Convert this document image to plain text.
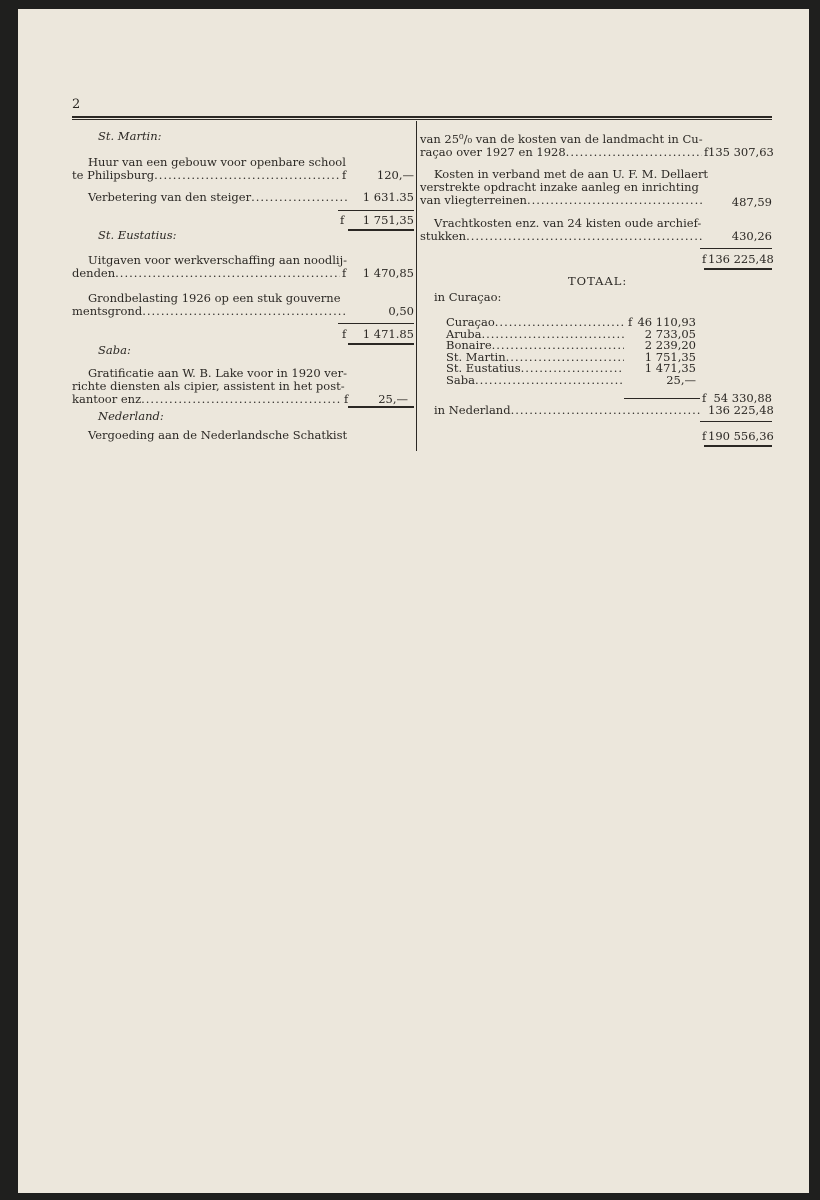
2
St. Martin:
Huur van een gebouw voor openbare school
te Philipsburg .....	f	120,—
Verbetering van den steiger .....	1 631.35
f	1 751,35
St. Eustatius:
Uitgaven voor werkverschaffing aan noodlij-
denden .....	f	1 470,85
Grondbelasting 1926 op een stuk gouverne
mentsgrond .....	0,50
f	1 471.85
Saba:
Gratificatie aan W. B. Lake voor in 1920 ver-
richte diensten als cipier, assistent in het post-
kantoor enz .....	f	25,—
Nederland:
Vergoeding aan de Nederlandsche Schatkist
van 25⁰/₀ van de kosten van de landmacht in Cu-
raçao over 1927 en 1928 .....	f 135 307,63
Kosten in verband met de aan U. F. M. Dellaert
verstrekte opdracht inzake aanleg en inrichting
van vliegterreinen .....	487,59
Vrachtkosten enz. van 24 kisten oude archief-
stukken .....	430,26
f 136 225,48
TOTAAL:
in Curaçao:
Curaçao .....	f 46 110,93
Aruba .....	2 733,05
Bonaire .....	2 239,20
St. Martin .....	1 751,35
St. Eustatius .....	1 471,35
Saba .....	25,—
f 54 330,88
in Nederland .....	136 225,48
f 190 556,36
